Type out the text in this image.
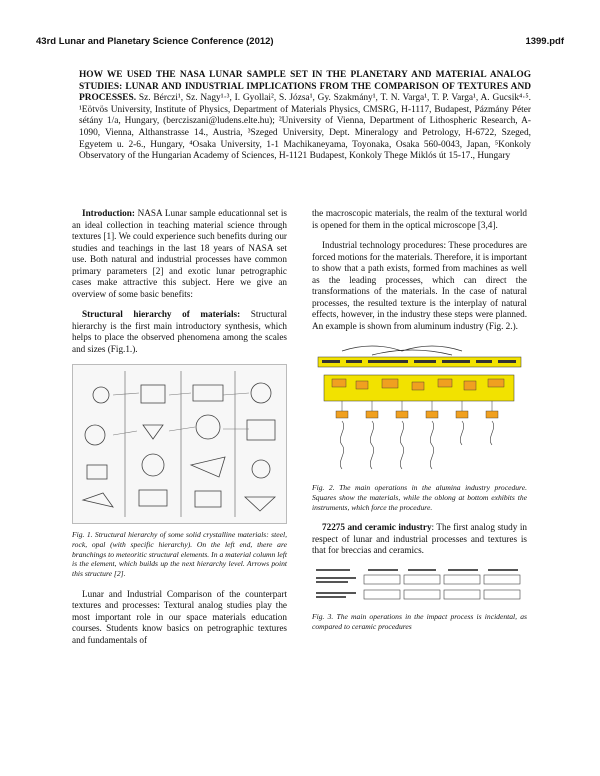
43rd Lunar and Planetary Science Conference (2012)	1399.pdf
HOW WE USED THE NASA LUNAR SAMPLE SET IN THE PLANETARY AND MATERIAL ANALOG STUDIES: LUNAR AND INDUSTRIAL IMPLICATIONS FROM THE COMPARISON OF TEXTURES AND PROCESSES. Sz. Bérczi¹, Sz. Nagy¹·³, I. Gyollai², S. Józsa¹, Gy. Szakmány¹, T. N. Varga¹, T. P. Varga¹, A. Gucsik⁴·⁵. ¹Eötvös University, Institute of Physics, Department of Materials Physics, CMSRG, H-1117, Budapest, Pázmány Péter sétány 1/a, Hungary, (bercziszani@ludens.elte.hu); ²University of Vienna, Department of Lithospheric Research, A-1090, Vienna, Althanstrasse 14., Austria, ³Szeged University, Dept. Mineralogy and Petrology, H-6722, Szeged, Egyetem u. 2-6., Hungary, ⁴Osaka University, 1-1 Machikaneyama, Toyonaka, Osaka 560-0043, Japan, ⁵Konkoly Observatory of the Hungarian Academy of Sciences, H-1121 Budapest, Konkoly Thege Miklós út 15-17., Hungary

Introduction: NASA Lunar sample educationnal set is an ideal collection in teaching material science through textures [1]. We could experience such benefits during our studies and teachings in the last 18 years of NASA set use. Both natural and industrial processes have common primary parameters [2] and exotic lunar petrographic cases make attractive this subject. Here we give an overview of some basic benefits:

Structural hierarchy of materials: Structural hierarchy is the first main introductory synthesis, which helps to place the observed phenomena among the scales and sizes (Fig.1.).

Fig. 1. Structural hierarchy of some solid crystalline materials: steel, rock, opal (with specific hierarchy). On the left end, there are branchings to meteoritic structural elements. In a material column left is the element, which builds up the next hierarchy level. Arrows point this structure [2].

Lunar and Industrial Comparison of the counterpart textures and processes: Textural analog studies play the most important role in our space materials education courses. Students know basics on petrographic textures and fundamentals of

the macroscopic materials, the realm of the textural world is opened for them in the optical microscope [3,4].

Industrial technology procedures: These procedures are forced motions for the materials. Therefore, it is important to show that a path exists, formed from machines as well as the leading processes, which can direct the transformations of the materials. In the case of natural processes, the resulted texture is the interplay of natural effects, however, in the industry these steps were planned. An example is shown from aluminum industry (Fig. 2.).

Fig. 2. The main operations in the alumina industry procedure. Squares show the materials, while the oblong at bottom exhibits the instruments, which force the procedure.

72275 and ceramic industry: The first analog study in respect of lunar and industrial processes and textures is that for breccias and ceramics.

Fig. 3. The main operations in the impact process is incidental, as compared to ceramic procedures
